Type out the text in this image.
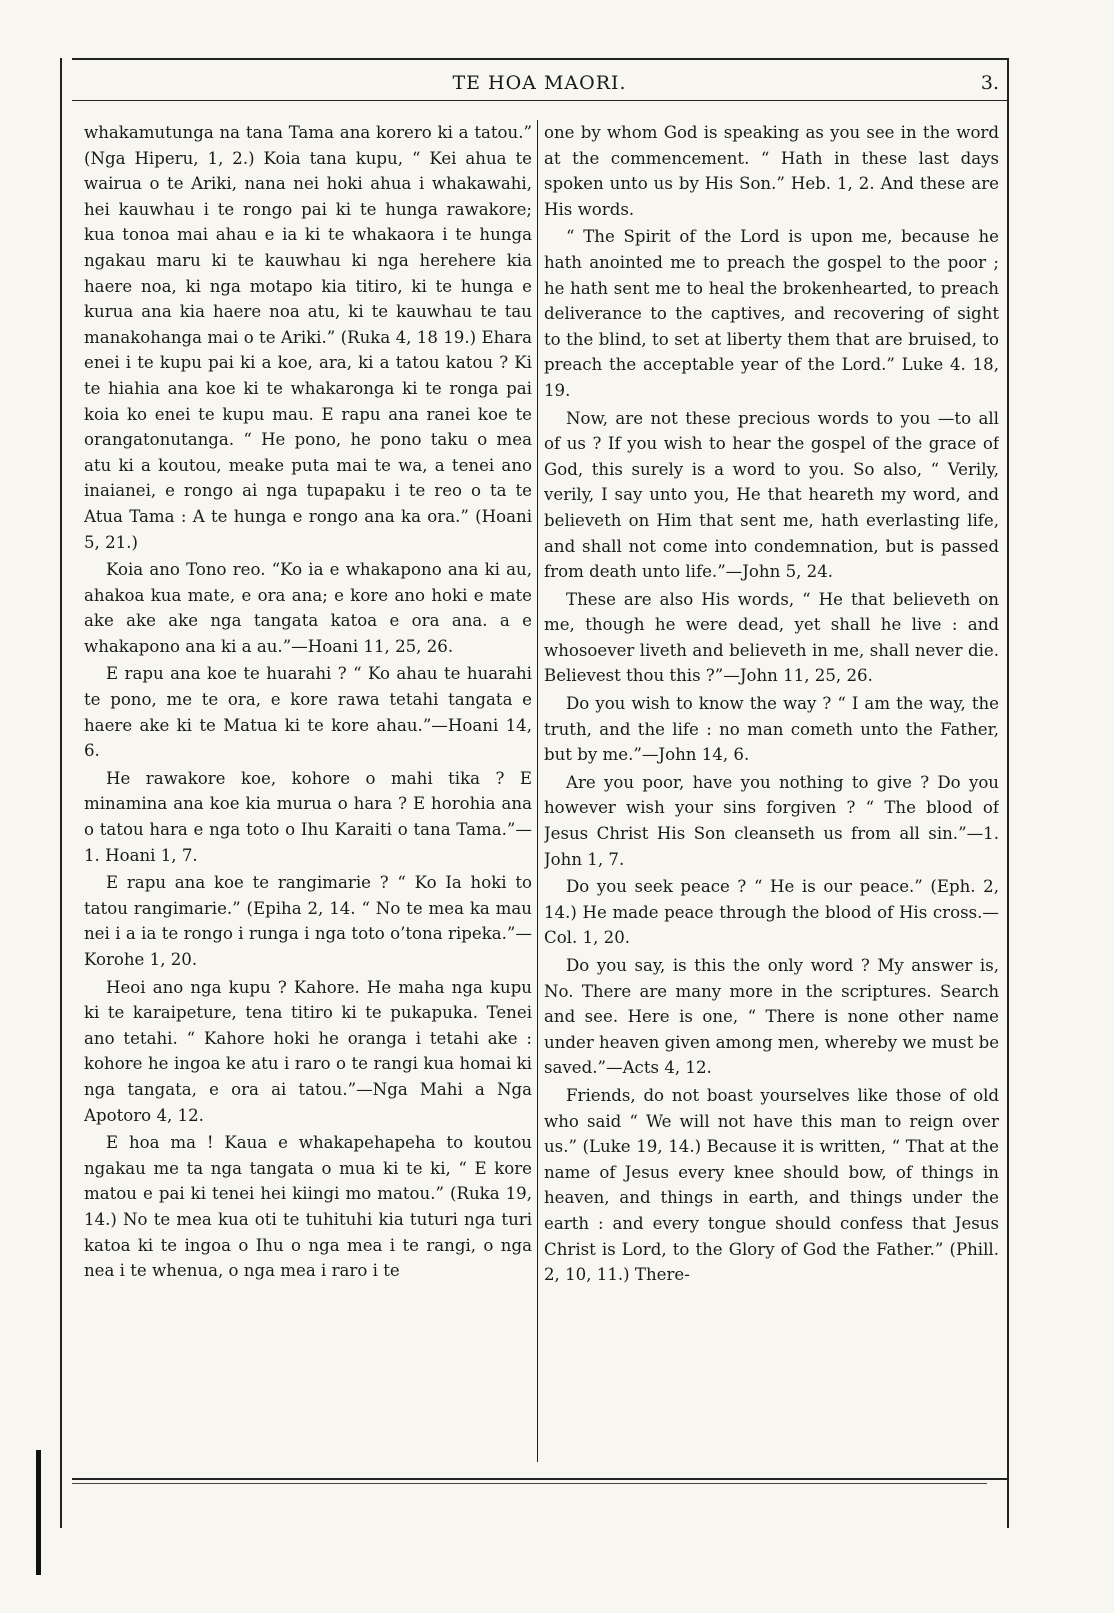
TE HOA MAORI.	3.

whakamutunga na tana Tama ana korero ki a tatou.” (Nga Hiperu, 1, 2.) Koia tana kupu, “ Kei ahua te wairua o te Ariki, nana nei hoki ahua i whakawahi, hei kauwhau i te rongo pai ki te hunga rawakore; kua tonoa mai ahau e ia ki te whakaora i te hunga ngakau maru ki te kauwhau ki nga herehere kia haere noa, ki nga motapo kia titiro, ki te hunga e kurua ana kia haere noa atu, ki te kauwhau te tau manakohanga mai o te Ariki.” (Ruka 4, 18 19.) Ehara enei i te kupu pai ki a koe, ara, ki a tatou katou ? Ki te hiahia ana koe ki te whakaronga ki te ronga pai koia ko enei te kupu mau. E rapu ana ranei koe te orangatonutanga. “ He pono, he pono taku o mea atu ki a koutou, meake puta mai te wa, a tenei ano inaianei, e rongo ai nga tupapaku i te reo o ta te Atua Tama : A te hunga e rongo ana ka ora.” (Hoani 5, 21.)

Koia ano Tono reo. “Ko ia e whakapono ana ki au, ahakoa kua mate, e ora ana; e kore ano hoki e mate ake ake ake nga tangata katoa e ora ana. a e whakapono ana ki a au.”—Hoani 11, 25, 26.

E rapu ana koe te huarahi ? “ Ko ahau te huarahi te pono, me te ora, e kore rawa tetahi tangata e haere ake ki te Matua ki te kore ahau.”—Hoani 14, 6.

He rawakore koe, kohore o mahi tika ? E minamina ana koe kia murua o hara ? E horohia ana o tatou hara e nga toto o Ihu Karaiti o tana Tama.”—1. Hoani 1, 7.

E rapu ana koe te rangimarie ? “ Ko Ia hoki to tatou rangimarie.” (Epiha 2, 14. “ No te mea ka mau nei i a ia te rongo i runga i nga toto o’tona ripeka.”—Korohe 1, 20.

Heoi ano nga kupu ? Kahore. He maha nga kupu ki te karaipeture, tena titiro ki te pukapuka. Tenei ano tetahi. “ Kahore hoki he oranga i tetahi ake : kohore he ingoa ke atu i raro o te rangi kua homai ki nga tangata, e ora ai tatou.”—Nga Mahi a Nga Apotoro 4, 12.

E hoa ma ! Kaua e whakapehapeha to koutou ngakau me ta nga tangata o mua ki te ki, “ E kore matou e pai ki tenei hei kiingi mo matou.” (Ruka 19, 14.) No te mea kua oti te tuhituhi kia tuturi nga turi katoa ki te ingoa o Ihu o nga mea i te rangi, o nga nea i te whenua, o nga mea i raro i te

one by whom God is speaking as you see in the word at the commencement. “ Hath in these last days spoken unto us by His Son.” Heb. 1, 2. And these are His words.

“ The Spirit of the Lord is upon me, because he hath anointed me to preach the gospel to the poor ; he hath sent me to heal the brokenhearted, to preach deliverance to the captives, and recovering of sight to the blind, to set at liberty them that are bruised, to preach the acceptable year of the Lord.” Luke 4. 18, 19.

Now, are not these precious words to you —to all of us ? If you wish to hear the gospel of the grace of God, this surely is a word to you. So also, “ Verily, verily, I say unto you, He that heareth my word, and believeth on Him that sent me, hath everlasting life, and shall not come into condemnation, but is passed from death unto life.”—John 5, 24.

These are also His words, “ He that believeth on me, though he were dead, yet shall he live : and whosoever liveth and believeth in me, shall never die. Believest thou this ?”—John 11, 25, 26.

Do you wish to know the way ? “ I am the way, the truth, and the life : no man cometh unto the Father, but by me.”—John 14, 6.

Are you poor, have you nothing to give ? Do you however wish your sins forgiven ? “ The blood of Jesus Christ His Son cleanseth us from all sin.”—1. John 1, 7.

Do you seek peace ? “ He is our peace.” (Eph. 2, 14.) He made peace through the blood of His cross.—Col. 1, 20.

Do you say, is this the only word ? My answer is, No. There are many more in the scriptures. Search and see. Here is one, “ There is none other name under heaven given among men, whereby we must be saved.”—Acts 4, 12.

Friends, do not boast yourselves like those of old who said “ We will not have this man to reign over us.” (Luke 19, 14.) Because it is written, “ That at the name of Jesus every knee should bow, of things in heaven, and things in earth, and things under the earth : and every tongue should confess that Jesus Christ is Lord, to the Glory of God the Father.” (Phill. 2, 10, 11.) There-
